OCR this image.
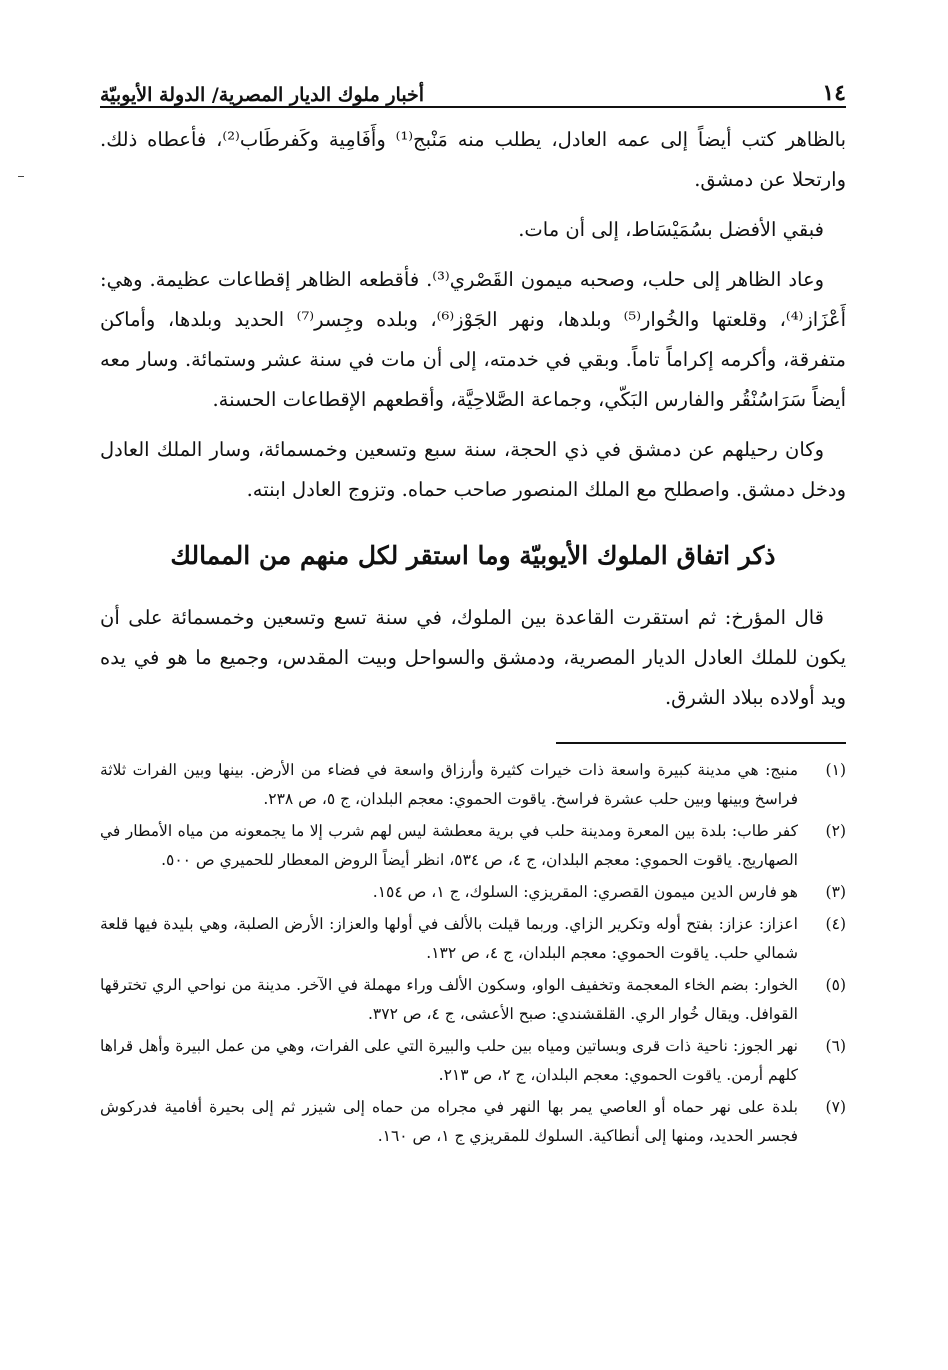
١٤
أخبار ملوك الديار المصرية/ الدولة الأيوبيّة

بالظاهر كتب أيضاً إلى عمه العادل، يطلب منه مَنْبج⁽¹⁾ وأَفَامِية وكَفرطَاب⁽²⁾، فأعطاه ذلك. وارتحلا عن دمشق.

فبقي الأفضل بسُمَيْسَاط، إلى أن مات.

وعاد الظاهر إلى حلب، وصحبه ميمون القَصْري⁽³⁾. فأقطعه الظاهر إقطاعات عظيمة. وهي: أَعْزَاز⁽⁴⁾، وقلعتها والخُوار⁽⁵⁾ وبلدها، ونهر الجَوْز⁽⁶⁾، وبلده وجِسر⁽⁷⁾ الحديد وبلدها، وأماكن متفرقة، وأكرمه إكراماً تاماً. وبقي في خدمته، إلى أن مات في سنة عشر وستمائة. وسار معه أيضاً سَرَاسُنْقُر والفارس البَكّي، وجماعة الصَّلاحِيَّة، وأقطعهم الإقطاعات الحسنة.

وكان رحيلهم عن دمشق في ذي الحجة، سنة سبع وتسعين وخمسمائة، وسار الملك العادل ودخل دمشق. واصطلح مع الملك المنصور صاحب حماه. وتزوج العادل ابنته.

ذكر اتفاق الملوك الأيوبيّة وما استقر لكل منهم من الممالك

قال المؤرخ: ثم استقرت القاعدة بين الملوك، في سنة تسع وتسعين وخمسمائة على أن يكون للملك العادل الديار المصرية، ودمشق والسواحل وبيت المقدس، وجميع ما هو في يده ويد أولاده ببلاد الشرق.

(١)
منبج: هي مدينة كبيرة واسعة ذات خيرات كثيرة وأرزاق واسعة في فضاء من الأرض. بينها وبين الفرات ثلاثة فراسخ وبينها وبين حلب عشرة فراسخ. ياقوت الحموي: معجم البلدان، ج ٥، ص ٢٣٨.
(٢)
كفر طاب: بلدة بين المعرة ومدينة حلب في برية معطشة ليس لهم شرب إلا ما يجمعونه من مياه الأمطار في الصهاريج. ياقوت الحموي: معجم البلدان، ج ٤، ص ٥٣٤، انظر أيضاً الروض المعطار للحميري ص ٥٠٠.
(٣)
هو فارس الدين ميمون القصري: المقريزي: السلوك، ج ١، ص ١٥٤.
(٤)
اعزاز: عزاز: بفتح أوله وتكرير الزاي. وربما قيلت بالألف في أولها والعزاز: الأرض الصلبة، وهي بليدة فيها قلعة شمالي حلب. ياقوت الحموي: معجم البلدان، ج ٤، ص ١٣٢.
(٥)
الخوار: بضم الخاء المعجمة وتخفيف الواو، وسكون الألف وراء مهملة في الآخر. مدينة من نواحي الري تخترقها القوافل. ويقال خُوار الري. القلقشندي: صبح الأعشى، ج ٤، ص ٣٧٢.
(٦)
نهر الجوز: ناحية ذات قرى وبساتين ومياه بين حلب والبيرة التي على الفرات، وهي من عمل البيرة وأهل قراها كلهم أرمن. ياقوت الحموي: معجم البلدان، ج ٢، ص ٢١٣.
(٧)
بلدة على نهر حماه أو العاصي يمر بها النهر في مجراه من حماه إلى شيزر ثم إلى بحيرة أفامية فدركوش فجسر الحديد، ومنها إلى أنطاكية. السلوك للمقريزي ج ١، ص ١٦٠.
